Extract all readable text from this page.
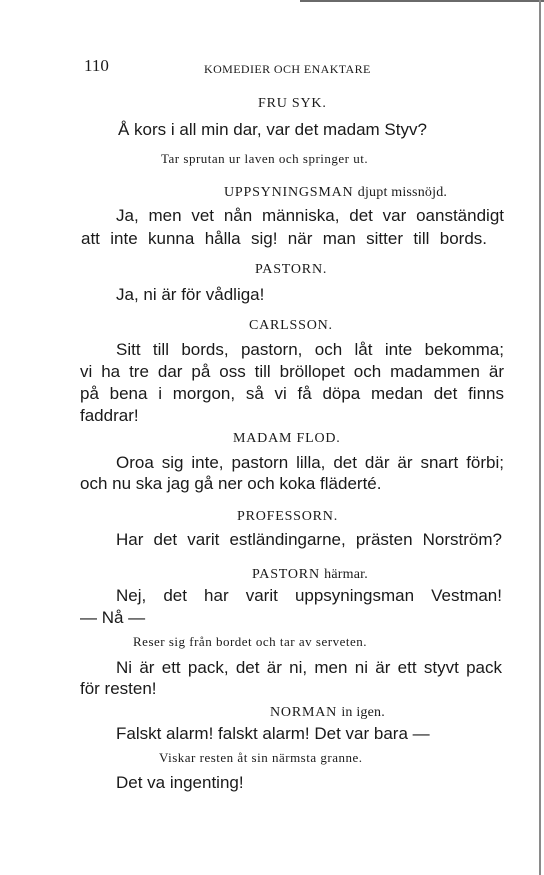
110	KOMEDIER OCH ENAKTARE
FRU SYK.
Å kors i all min dar, var det madam Styv?
Tar sprutan ur laven och springer ut.
UPPSYNINGSMAN djupt missnöjd.
Ja, men vet nån människa, det var oanständigt
att inte kunna hålla sig! när man sitter till bords.
PASTORN.
Ja, ni är för vådliga!
CARLSSON.
Sitt till bords, pastorn, och låt inte bekomma;
vi ha tre dar på oss till bröllopet och madammen är
på bena i morgon, så vi få döpa medan det finns
faddrar!
MADAM FLOD.
Oroa sig inte, pastorn lilla, det där är snart förbi;
och nu ska jag gå ner och koka fläderté.
PROFESSORN.
Har det varit estländingarne, prästen Norström?
PASTORN härmar.
Nej, det har varit uppsyningsman Vestman!
— Nå —
Reser sig från bordet och tar av serveten.
Ni är ett pack, det är ni, men ni är ett styvt pack
för resten!
NORMAN in igen.
Falskt alarm! falskt alarm! Det var bara —
Viskar resten åt sin närmsta granne.
Det va ingenting!
